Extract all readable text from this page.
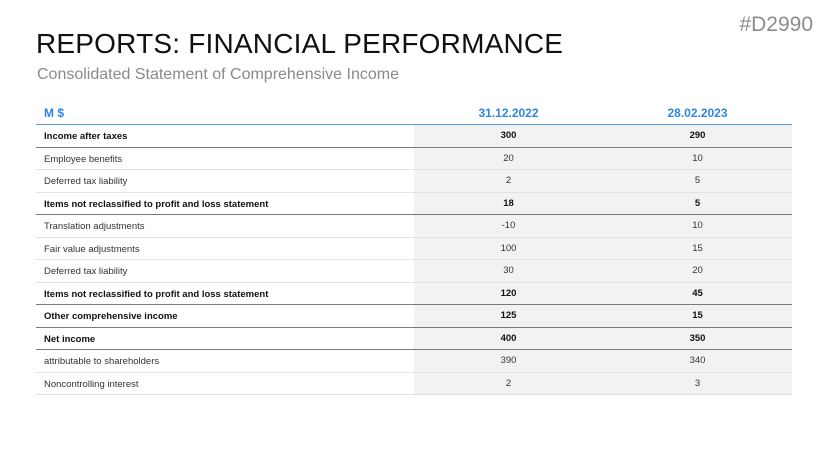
#D2990
REPORTS: FINANCIAL PERFORMANCE
Consolidated Statement of Comprehensive Income
M $	31.12.2022	28.02.2023
Income after taxes	300	290
Employee benefits	20	10
Deferred tax liability	2	5
Items not reclassified to profit and loss statement	18	5
Translation adjustments	-10	10
Fair value adjustments	100	15
Deferred tax liability	30	20
Items not reclassified to profit and loss statement	120	45
Other comprehensive income	125	15
Net income	400	350
attributable to shareholders	390	340
Noncontrolling interest	2	3
